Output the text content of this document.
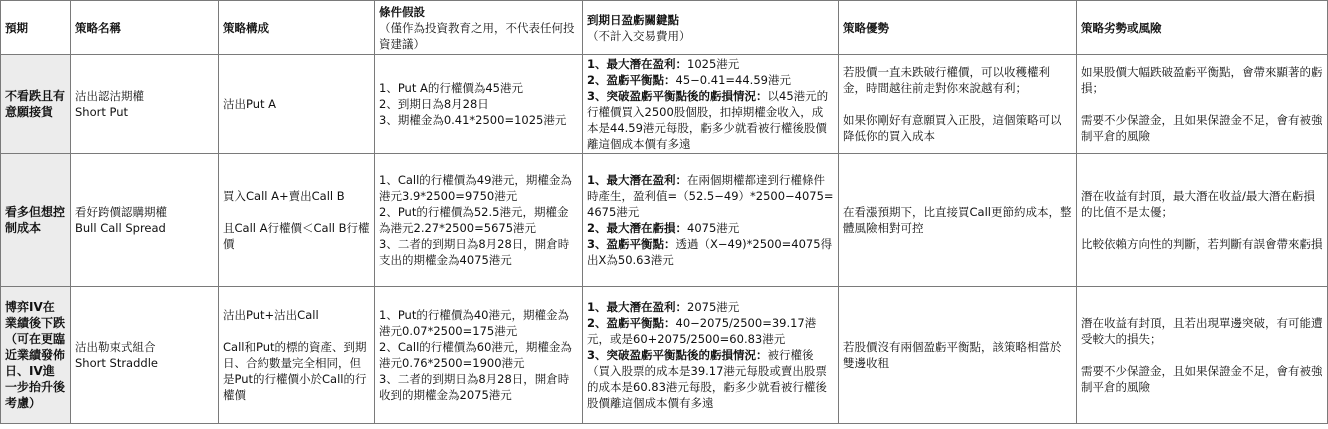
預期	策略名稱	策略構成	條件假設
（僅作為投資教育之用，不代表任何投資建議）	到期日盈虧關鍵點
（不計入交易費用）	策略優勢	策略劣勢或風險
不看跌且有意願接貨	沽出認沽期權
Short Put	沽出Put A	1、Put A的行權價為45港元
2、到期日為8月28日
3、期權金為0.41*2500=1025港元	1、最大潛在盈利：1025港元
2、盈虧平衡點：45−0.41=44.59港元
3、突破盈虧平衡點後的虧損情況：以45港元的行權價買入2500股個股，扣掉期權金收入，成本是44.59港元每股，虧多少就看被行權後股價離這個成本價有多遠	若股價一直未跌破行權價，可以收穫權利金，時間越往前走對你來說越有利；
如果你剛好有意願買入正股，這個策略可以降低你的買入成本	如果股價大幅跌破盈虧平衡點，會帶來顯著的虧損；
需要不少保證金，且如果保證金不足，會有被強制平倉的風險

看多但想控制成本	看好跨價認購期權
Bull Call Spread	買入Call A+賣出Call B
且Call A行權價＜Call B行權價	1、Call的行權價為49港元，期權金為港元3.9*2500=9750港元
2、Put的行權價為52.5港元，期權金為港元2.27*2500=5675港元
3、二者的到期日為8月28日，開倉時支出的期權金為4075港元	1、最大潛在盈利：在兩個期權都達到行權條件時產生，盈利值=（52.5−49）*2500−4075=4675港元
2、最大潛在虧損：4075港元
3、盈虧平衡點：透過（X−49)*2500=4075得出X為50.63港元	在看漲預期下，比直接買Call更節約成本，整體風險相對可控	潛在收益有封頂，最大潛在收益/最大潛在虧損的比值不是太優；
比較依賴方向性的判斷，若判斷有誤會帶來虧損

博弈IV在業績後下跌（可在更臨近業績發佈日、IV進一步抬升後考慮）	沽出勒束式組合
Short Straddle	沽出Put+沽出Call
Call和Put的標的資產、到期日、合約數量完全相同，但是Put的行權價小於Call的行權價	1、Put的行權價為40港元，期權金為港元0.07*2500=175港元
2、Call的行權價為60港元，期權金為港元0.76*2500=1900港元
3、二者的到期日為8月28日，開倉時收到的期權金為2075港元	1、最大潛在盈利：2075港元
2、盈虧平衡點：40−2075/2500=39.17港元，或是60+2075/2500=60.83港元
3、突破盈虧平衡點後的虧損情況：被行權後（買入股票的成本是39.17港元每股或賣出股票的成本是60.83港元每股，虧多少就看被行權後股價離這個成本價有多遠	若股價沒有兩個盈虧平衡點，該策略相當於雙邊收租	潛在收益有封頂，且若出現單邊突破，有可能遭受較大的損失；
需要不少保證金，且如果保證金不足，會有被強制平倉的風險
